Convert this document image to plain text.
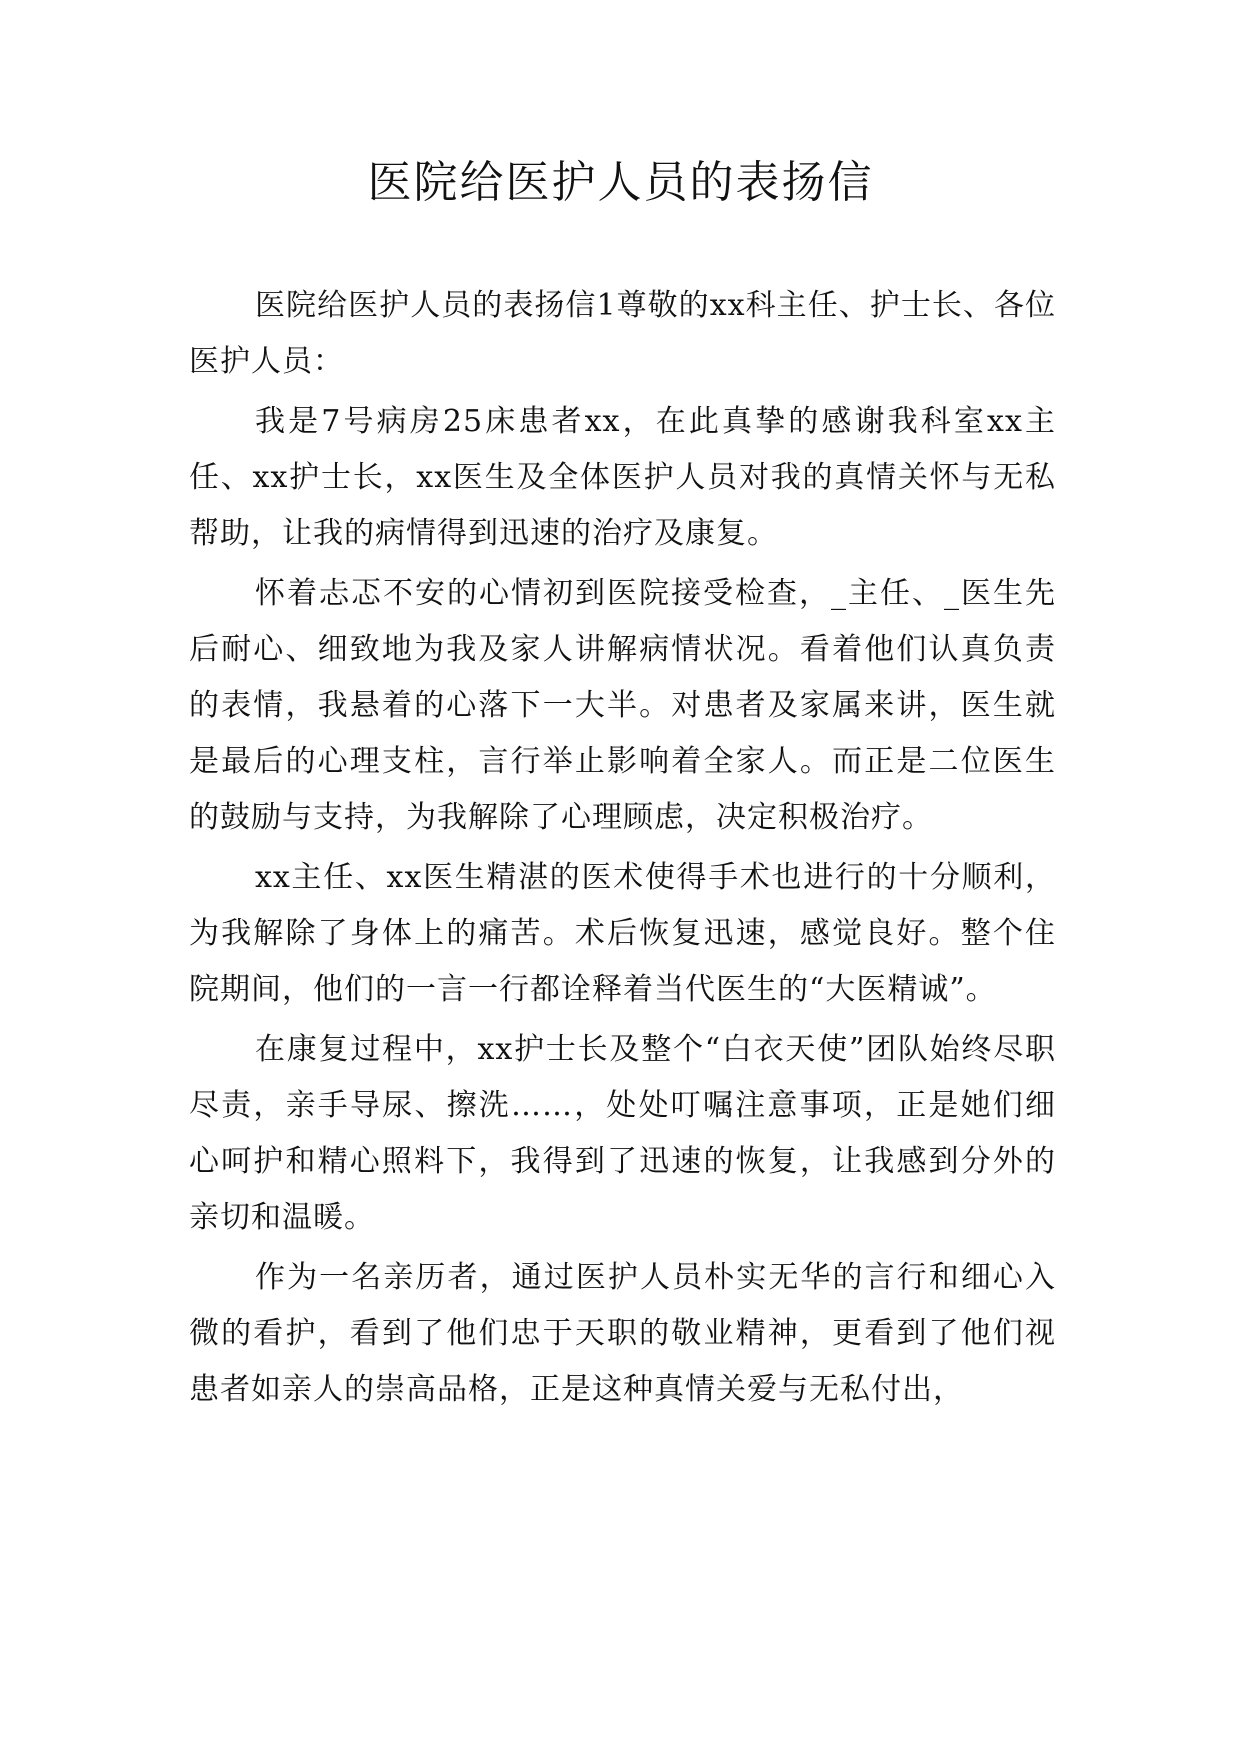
医院给医护人员的表扬信

医院给医护人员的表扬信1尊敬的xx科主任、护士长、各位医护人员：

我是7号病房25床患者xx，在此真挚的感谢我科室xx主任、xx护士长，xx医生及全体医护人员对我的真情关怀与无私帮助，让我的病情得到迅速的治疗及康复。

怀着忐忑不安的心情初到医院接受检查，_主任、_医生先后耐心、细致地为我及家人讲解病情状况。看着他们认真负责的表情，我悬着的心落下一大半。对患者及家属来讲，医生就是最后的心理支柱，言行举止影响着全家人。而正是二位医生的鼓励与支持，为我解除了心理顾虑，决定积极治疗。

xx主任、xx医生精湛的医术使得手术也进行的十分顺利，为我解除了身体上的痛苦。术后恢复迅速，感觉良好。整个住院期间，他们的一言一行都诠释着当代医生的“大医精诚”。

在康复过程中，xx护士长及整个“白衣天使”团队始终尽职尽责，亲手导尿、擦洗……，处处叮嘱注意事项，正是她们细心呵护和精心照料下，我得到了迅速的恢复，让我感到分外的亲切和温暖。

作为一名亲历者，通过医护人员朴实无华的言行和细心入微的看护，看到了他们忠于天职的敬业精神，更看到了他们视患者如亲人的崇高品格，正是这种真情关爱与无私付出，
